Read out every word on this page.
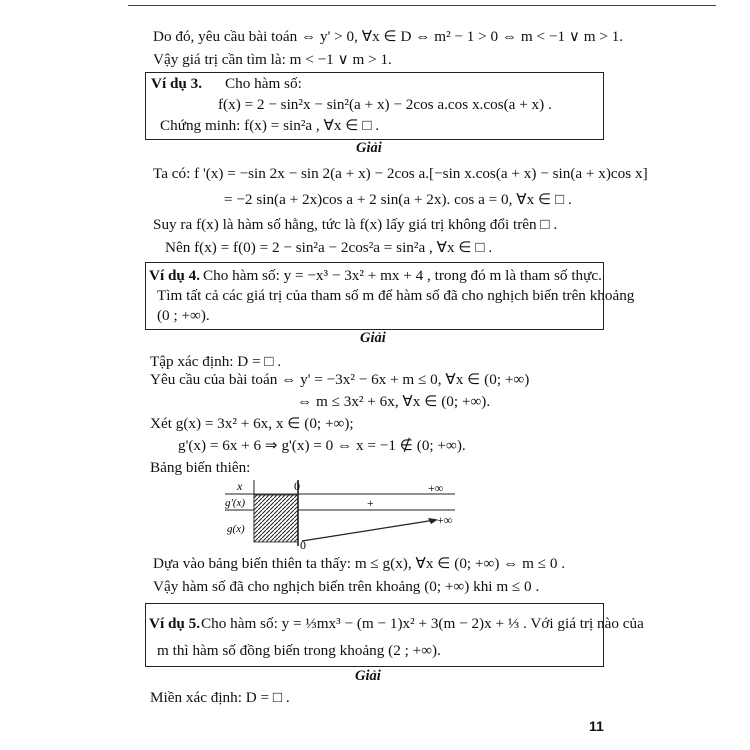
Do đó, yêu cầu bài toán ⇔ y' > 0, ∀x ∈ D ⇔ m² − 1 > 0 ⇔ m < −1 ∨ m > 1.
Vậy giá trị cần tìm là: m < −1 ∨ m > 1.
Ví dụ 3. Cho hàm số:
f(x) = 2 − sin²x − sin²(a + x) − 2cos a.cos x.cos(a + x) .
Chứng minh: f(x) = sin²a , ∀x ∈ □ .
Giải
Ta có: f '(x) = −sin 2x − sin 2(a + x) − 2cos a.[−sin x.cos(a + x) − sin(a + x)cos x]
= −2 sin(a + 2x)cos a + 2 sin(a + 2x). cos a = 0, ∀x ∈ □ .
Suy ra f(x) là hàm số hằng, tức là f(x) lấy giá trị không đổi trên □ .
Nên f(x) = f(0) = 2 − sin²a − 2cos²a = sin²a , ∀x ∈ □ .
Ví dụ 4. Cho hàm số: y = −x³ − 3x² + mx + 4 , trong đó m là tham số thực.
Tìm tất cả các giá trị của tham số m để hàm số đã cho nghịch biến trên khoảng
(0 ; +∞).
Giải
Tập xác định: D = □ .
Yêu cầu của bài toán ⇔ y' = −3x² − 6x + m ≤ 0, ∀x ∈ (0; +∞)
⇔ m ≤ 3x² + 6x, ∀x ∈ (0; +∞).
Xét g(x) = 3x² + 6x, x ∈ (0; +∞);
g'(x) = 6x + 6 ⇒ g'(x) = 0 ⇔ x = −1 ∉ (0; +∞).
Bảng biến thiên:
x
g'(x)
g(x)
0	+∞
+
0
+∞
Dựa vào bảng biến thiên ta thấy: m ≤ g(x), ∀x ∈ (0; +∞) ⇔ m ≤ 0 .
Vậy hàm số đã cho nghịch biến trên khoảng (0; +∞) khi m ≤ 0 .
Ví dụ 5. Cho hàm số: y = ⅓mx³ − (m − 1)x² + 3(m − 2)x + ⅓ . Với giá trị nào của
m thì hàm số đồng biến trong khoảng (2 ; +∞).
Giải
Miền xác định: D = □ .
11
